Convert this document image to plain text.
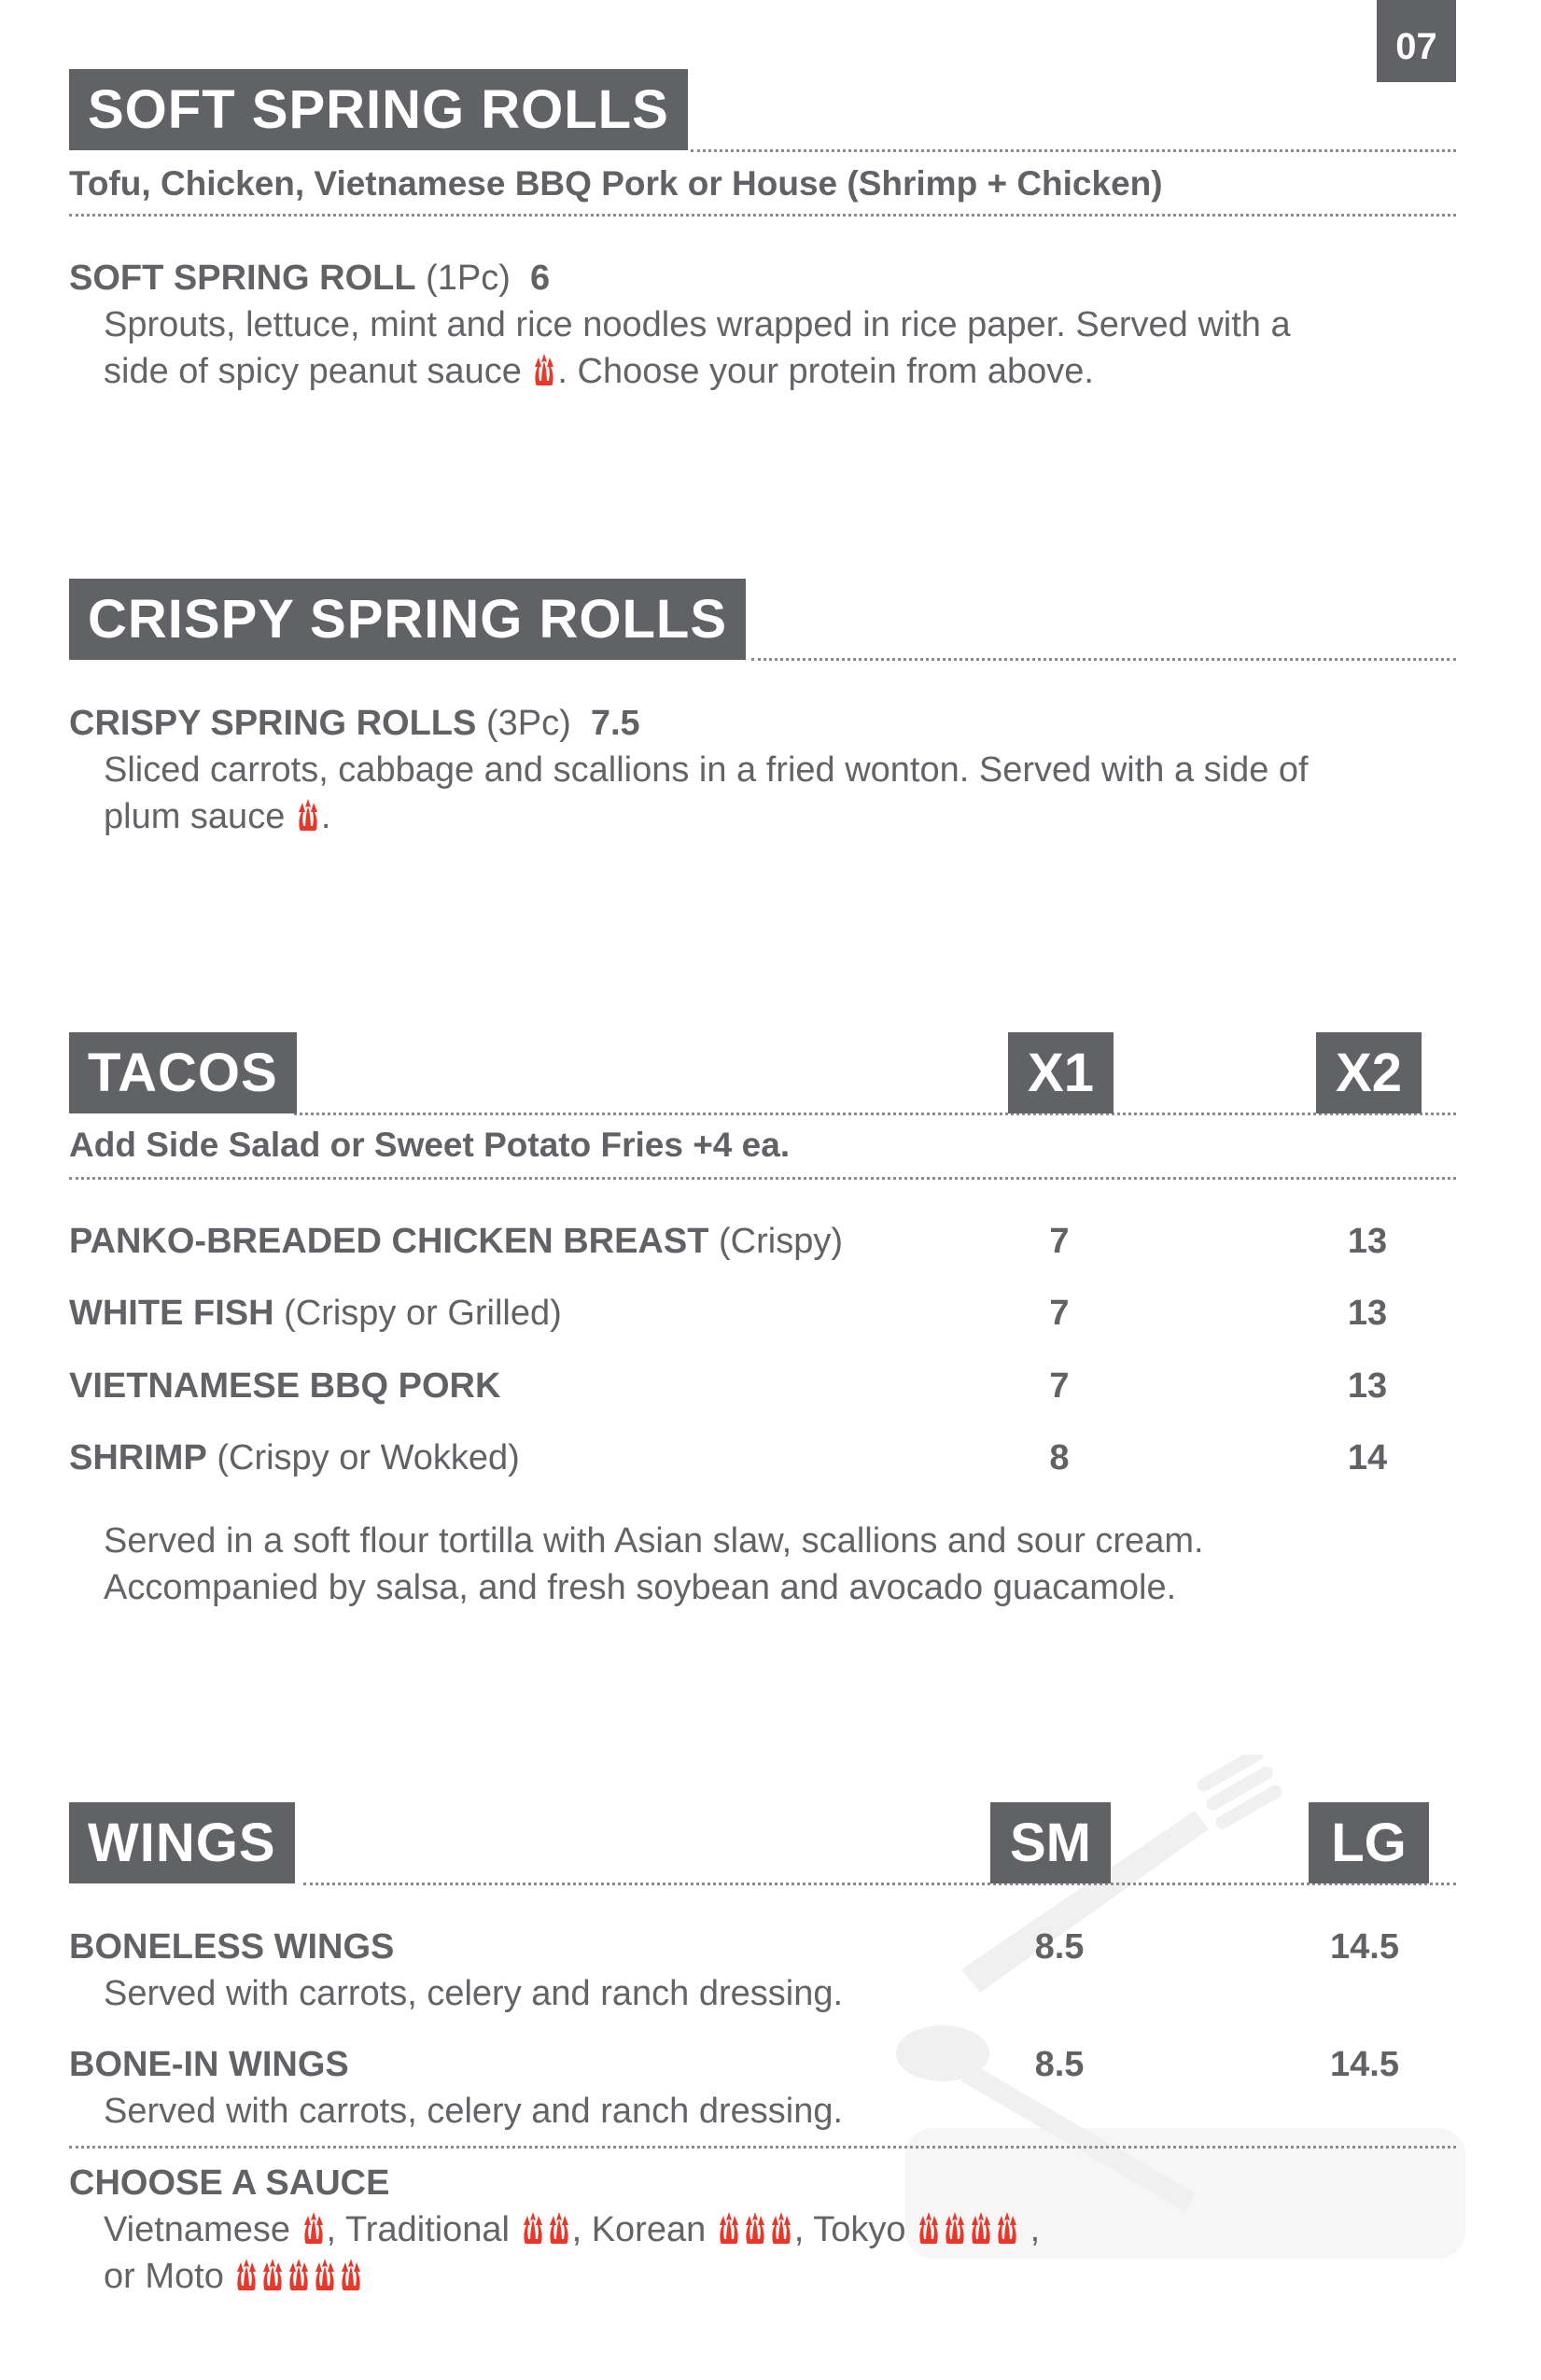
07
SOFT SPRING ROLLS
Tofu, Chicken, Vietnamese BBQ Pork or House (Shrimp + Chicken)
SOFT SPRING ROLL (1Pc) 6
Sprouts, lettuce, mint and rice noodles wrapped in rice paper. Served with a
side of spicy peanut sauce . Choose your protein from above.
CRISPY SPRING ROLLS
CRISPY SPRING ROLLS (3Pc) 7.5
Sliced carrots, cabbage and scallions in a fried wonton. Served with a side of
plum sauce .
TACOS	X1	X2
Add Side Salad or Sweet Potato Fries +4 ea.
PANKO-BREADED CHICKEN BREAST (Crispy)	7	13
WHITE FISH (Crispy or Grilled)	7	13
VIETNAMESE BBQ PORK	7	13
SHRIMP (Crispy or Wokked)	8	14
Served in a soft flour tortilla with Asian slaw, scallions and sour cream.
Accompanied by salsa, and fresh soybean and avocado guacamole.
WINGS	SM	LG
BONELESS WINGS	8.5	14.5
Served with carrots, celery and ranch dressing.
BONE-IN WINGS	8.5	14.5
Served with carrots, celery and ranch dressing.
CHOOSE A SAUCE
Vietnamese , Traditional , Korean , Tokyo	,
or Moto
